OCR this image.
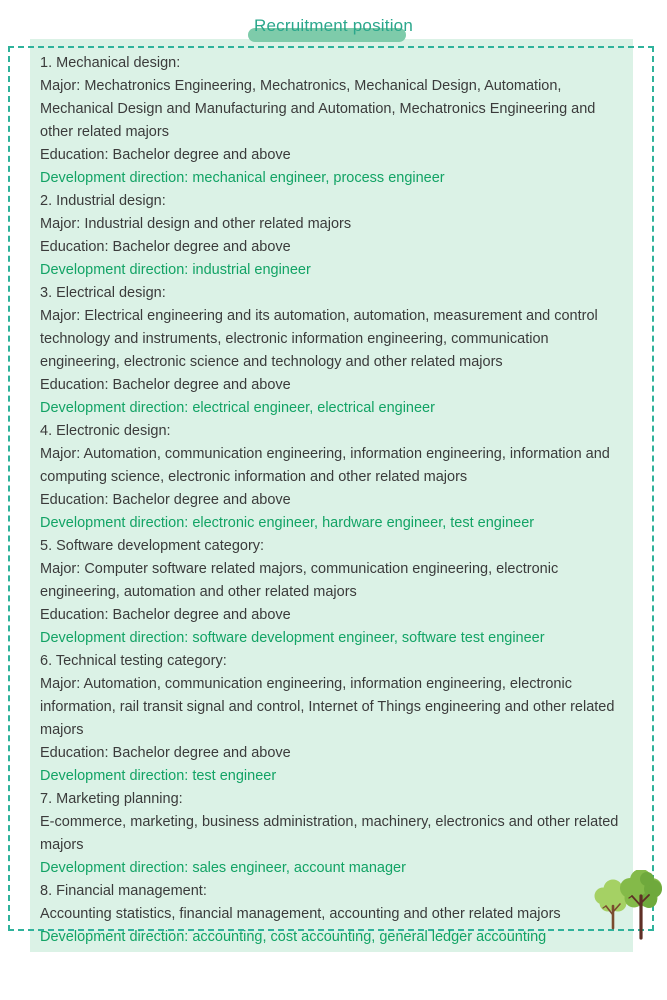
Recruitment position

1. Mechanical design:

Major: Mechatronics Engineering, Mechatronics, Mechanical Design, Automation, Mechanical Design and Manufacturing and Automation, Mechatronics Engineering and other related majors

Education: Bachelor degree and above

Development direction: mechanical engineer, process engineer

2. Industrial design:

Major: Industrial design and other related majors

Education: Bachelor degree and above

Development direction: industrial engineer

3. Electrical design:

Major: Electrical engineering and its automation, automation, measurement and control technology and instruments, electronic information engineering, communication engineering, electronic science and technology and other related majors

Education: Bachelor degree and above

Development direction: electrical engineer, electrical engineer

4. Electronic design:

Major: Automation, communication engineering, information engineering, information and computing science, electronic information and other related majors

Education: Bachelor degree and above

Development direction: electronic engineer, hardware engineer, test engineer

5. Software development category:

Major: Computer software related majors, communication engineering, electronic engineering, automation and other related majors

Education: Bachelor degree and above

Development direction: software development engineer, software test engineer

6. Technical testing category:

Major: Automation, communication engineering, information engineering, electronic information, rail transit signal and control, Internet of Things engineering and other related majors

Education: Bachelor degree and above

Development direction: test engineer

7. Marketing planning:

E-commerce, marketing, business administration, machinery, electronics and other related majors

Development direction: sales engineer, account manager

8. Financial management:

Accounting statistics, financial management, accounting and other related majors

Development direction: accounting, cost accounting, general ledger accounting
